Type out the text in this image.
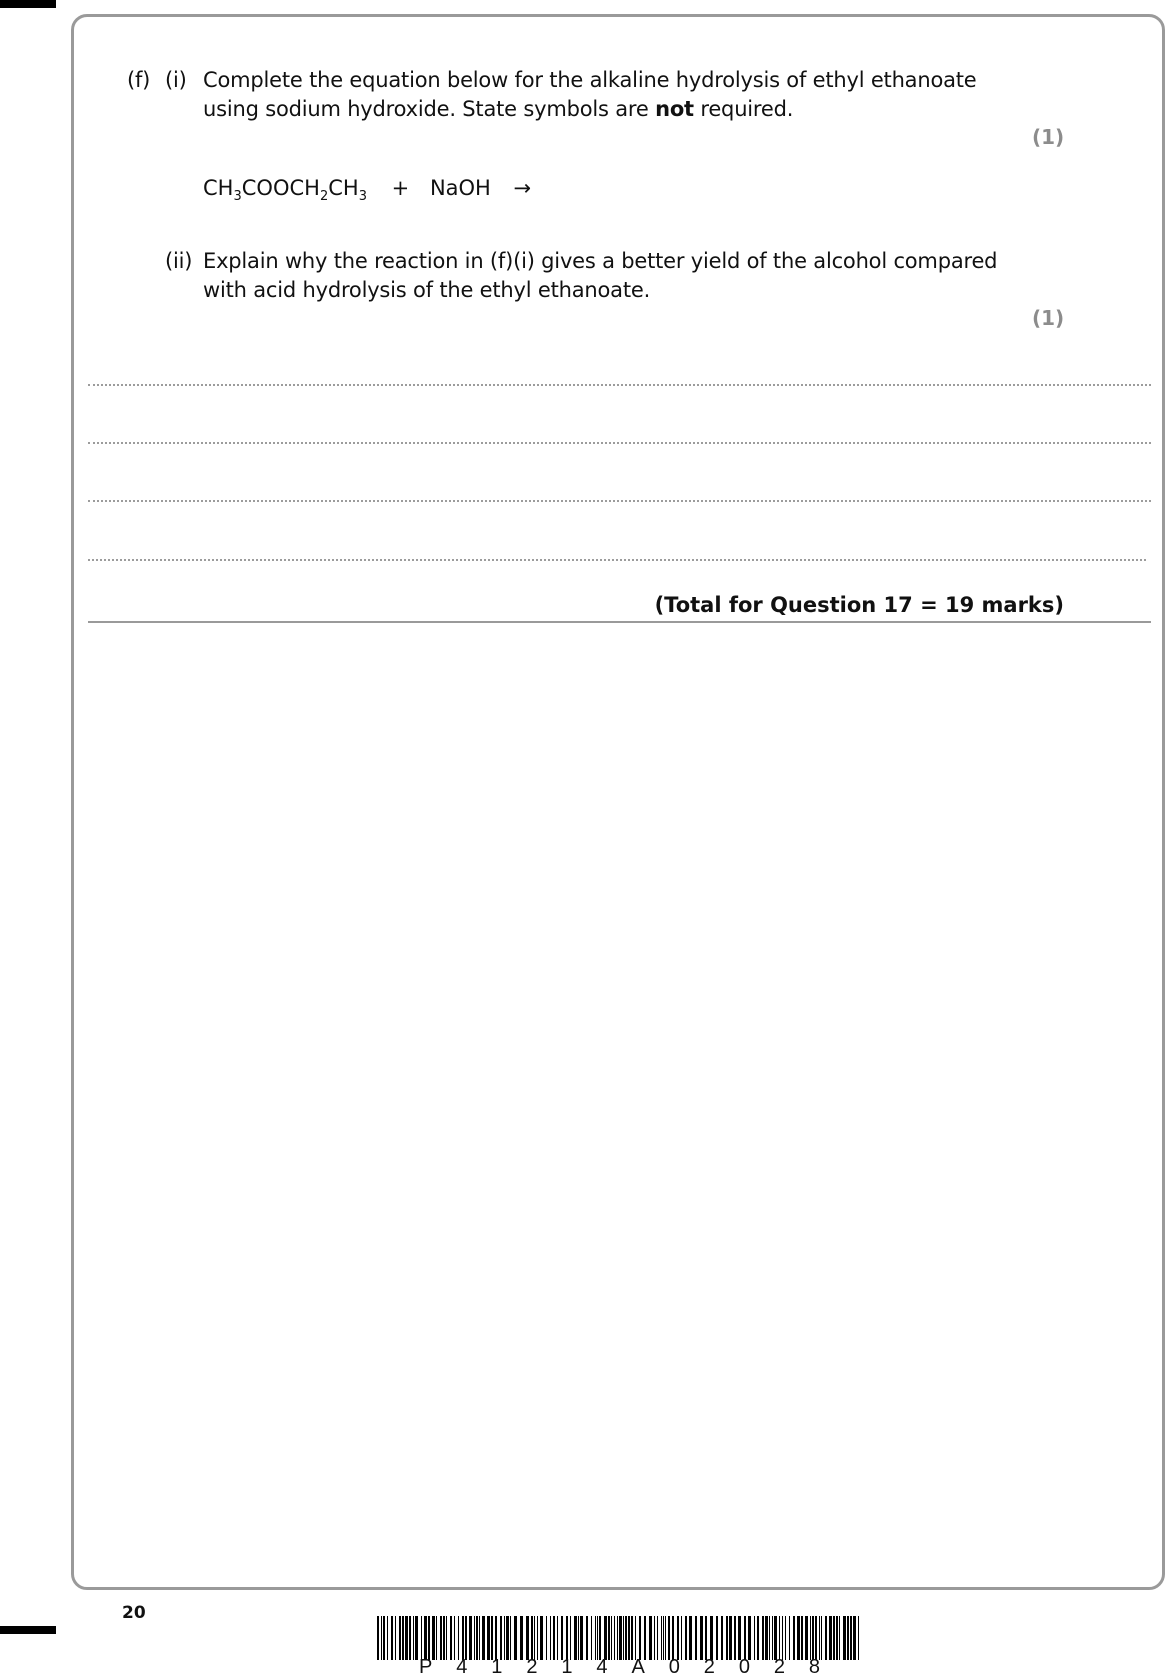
(f) (i) Complete the equation below for the alkaline hydrolysis of ethyl ethanoate
using sodium hydroxide. State symbols are not required.
(1)
$CH_3COOCH_2CH_3$ + NaOH →
(ii) Explain why the reaction in (f)(i) gives a better yield of the alcohol compared
with acid hydrolysis of the ethyl ethanoate.
(1)
(Total for Question 17 = 19 marks)
20
P 4 1 2 1 4 A 0 2 0 2 8
